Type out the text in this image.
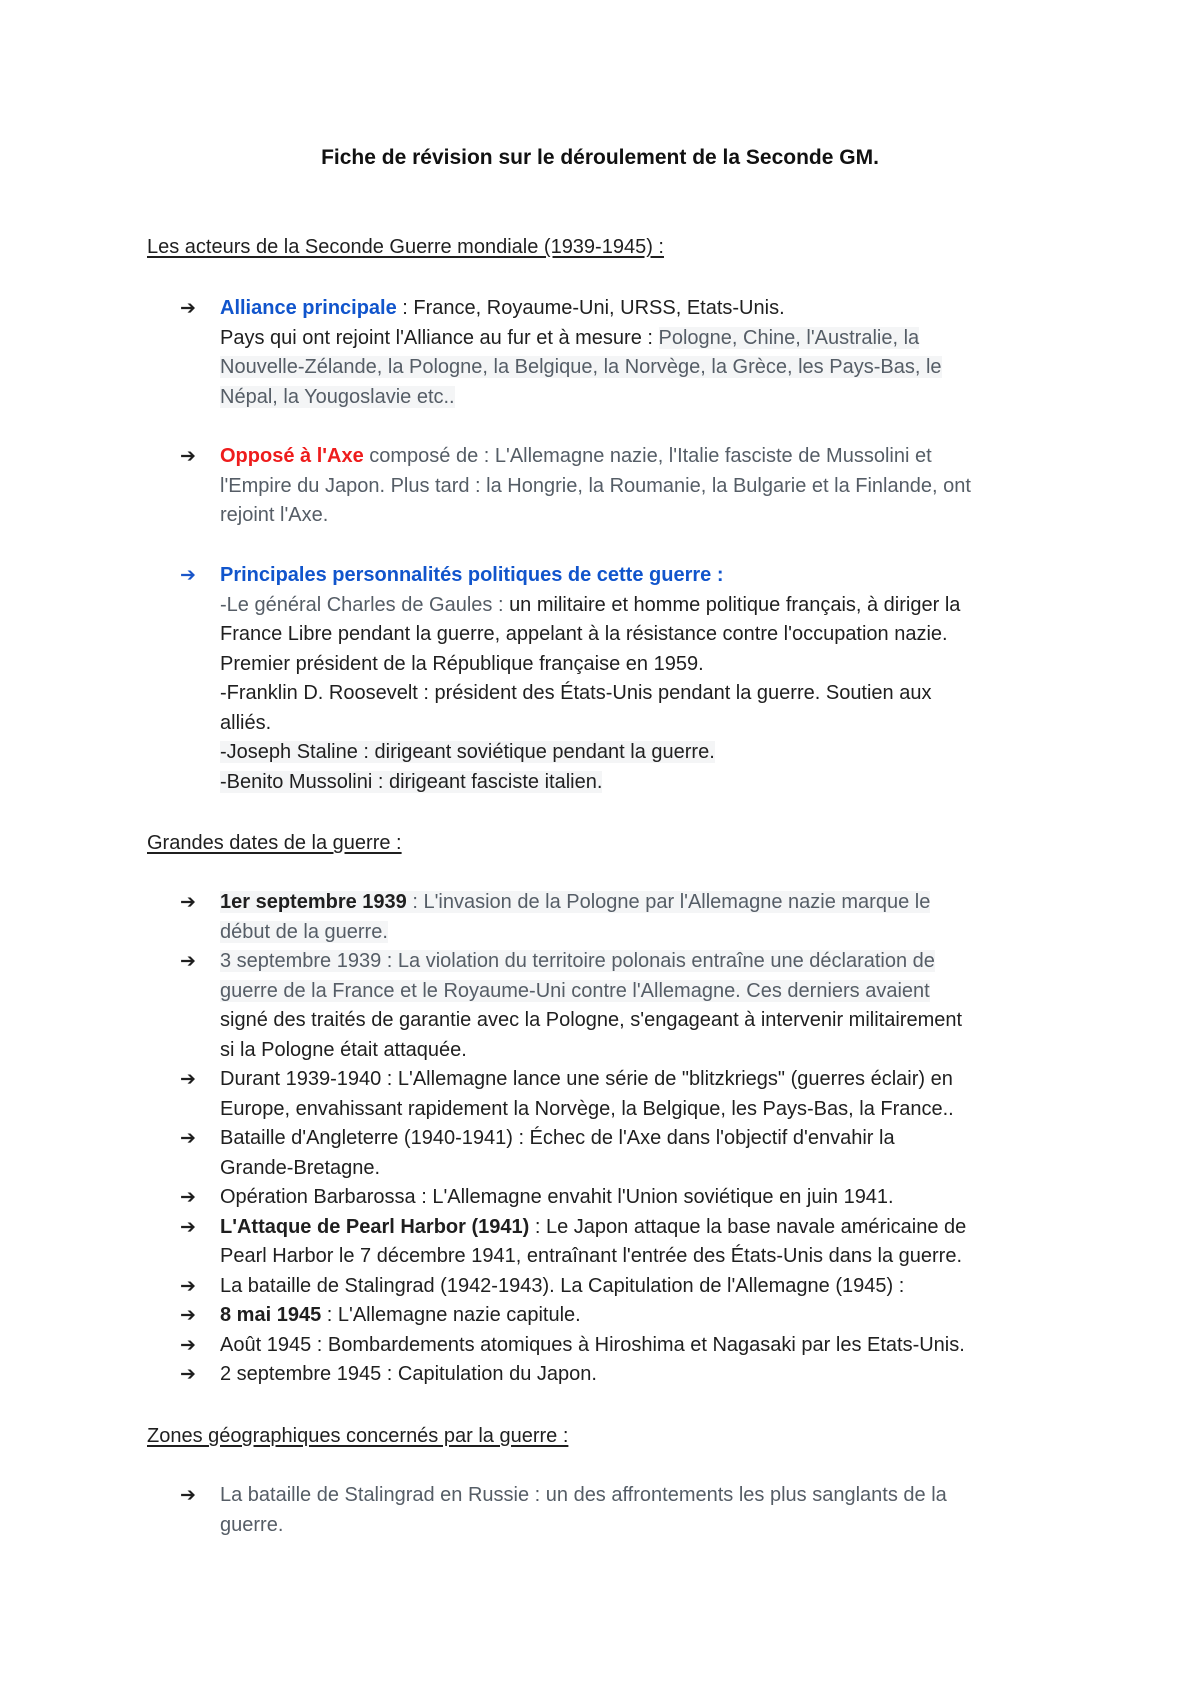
Fiche de révision sur le déroulement de la Seconde GM.
Les acteurs de la Seconde Guerre mondiale (1939-1945) :
➔ Alliance principale : France, Royaume-Uni, URSS, Etats-Unis.
Pays qui ont rejoint l'Alliance au fur et à mesure : Pologne, Chine, l'Australie, la
Nouvelle-Zélande, la Pologne, la Belgique, la Norvège, la Grèce, les Pays-Bas, le
Népal, la Yougoslavie etc..
➔ Opposé à l'Axe composé de : L'Allemagne nazie, l'Italie fasciste de Mussolini et
l'Empire du Japon. Plus tard : la Hongrie, la Roumanie, la Bulgarie et la Finlande, ont
rejoint l'Axe.
➔ Principales personnalités politiques de cette guerre :
-Le général Charles de Gaules : un militaire et homme politique français, à diriger la
France Libre pendant la guerre, appelant à la résistance contre l'occupation nazie.
Premier président de la République française en 1959.
-Franklin D. Roosevelt : président des États-Unis pendant la guerre. Soutien aux
alliés.
-Joseph Staline : dirigeant soviétique pendant la guerre.
-Benito Mussolini : dirigeant fasciste italien.
Grandes dates de la guerre :
➔ 1er septembre 1939 : L'invasion de la Pologne par l'Allemagne nazie marque le
début de la guerre.
➔ 3 septembre 1939 : La violation du territoire polonais entraîne une déclaration de
guerre de la France et le Royaume-Uni contre l'Allemagne. Ces derniers avaient
signé des traités de garantie avec la Pologne, s'engageant à intervenir militairement
si la Pologne était attaquée.
➔ Durant 1939-1940 : L'Allemagne lance une série de "blitzkriegs" (guerres éclair) en
Europe, envahissant rapidement la Norvège, la Belgique, les Pays-Bas, la France..
➔ Bataille d'Angleterre (1940-1941) : Échec de l'Axe dans l'objectif d'envahir la
Grande-Bretagne.
➔ Opération Barbarossa : L'Allemagne envahit l'Union soviétique en juin 1941.
➔ L'Attaque de Pearl Harbor (1941) : Le Japon attaque la base navale américaine de
Pearl Harbor le 7 décembre 1941, entraînant l'entrée des États-Unis dans la guerre.
➔ La bataille de Stalingrad (1942-1943). La Capitulation de l'Allemagne (1945) :
➔ 8 mai 1945 : L'Allemagne nazie capitule.
➔ Août 1945 : Bombardements atomiques à Hiroshima et Nagasaki par les Etats-Unis.
➔ 2 septembre 1945 : Capitulation du Japon.
Zones géographiques concernés par la guerre :
➔ La bataille de Stalingrad en Russie : un des affrontements les plus sanglants de la
guerre.
